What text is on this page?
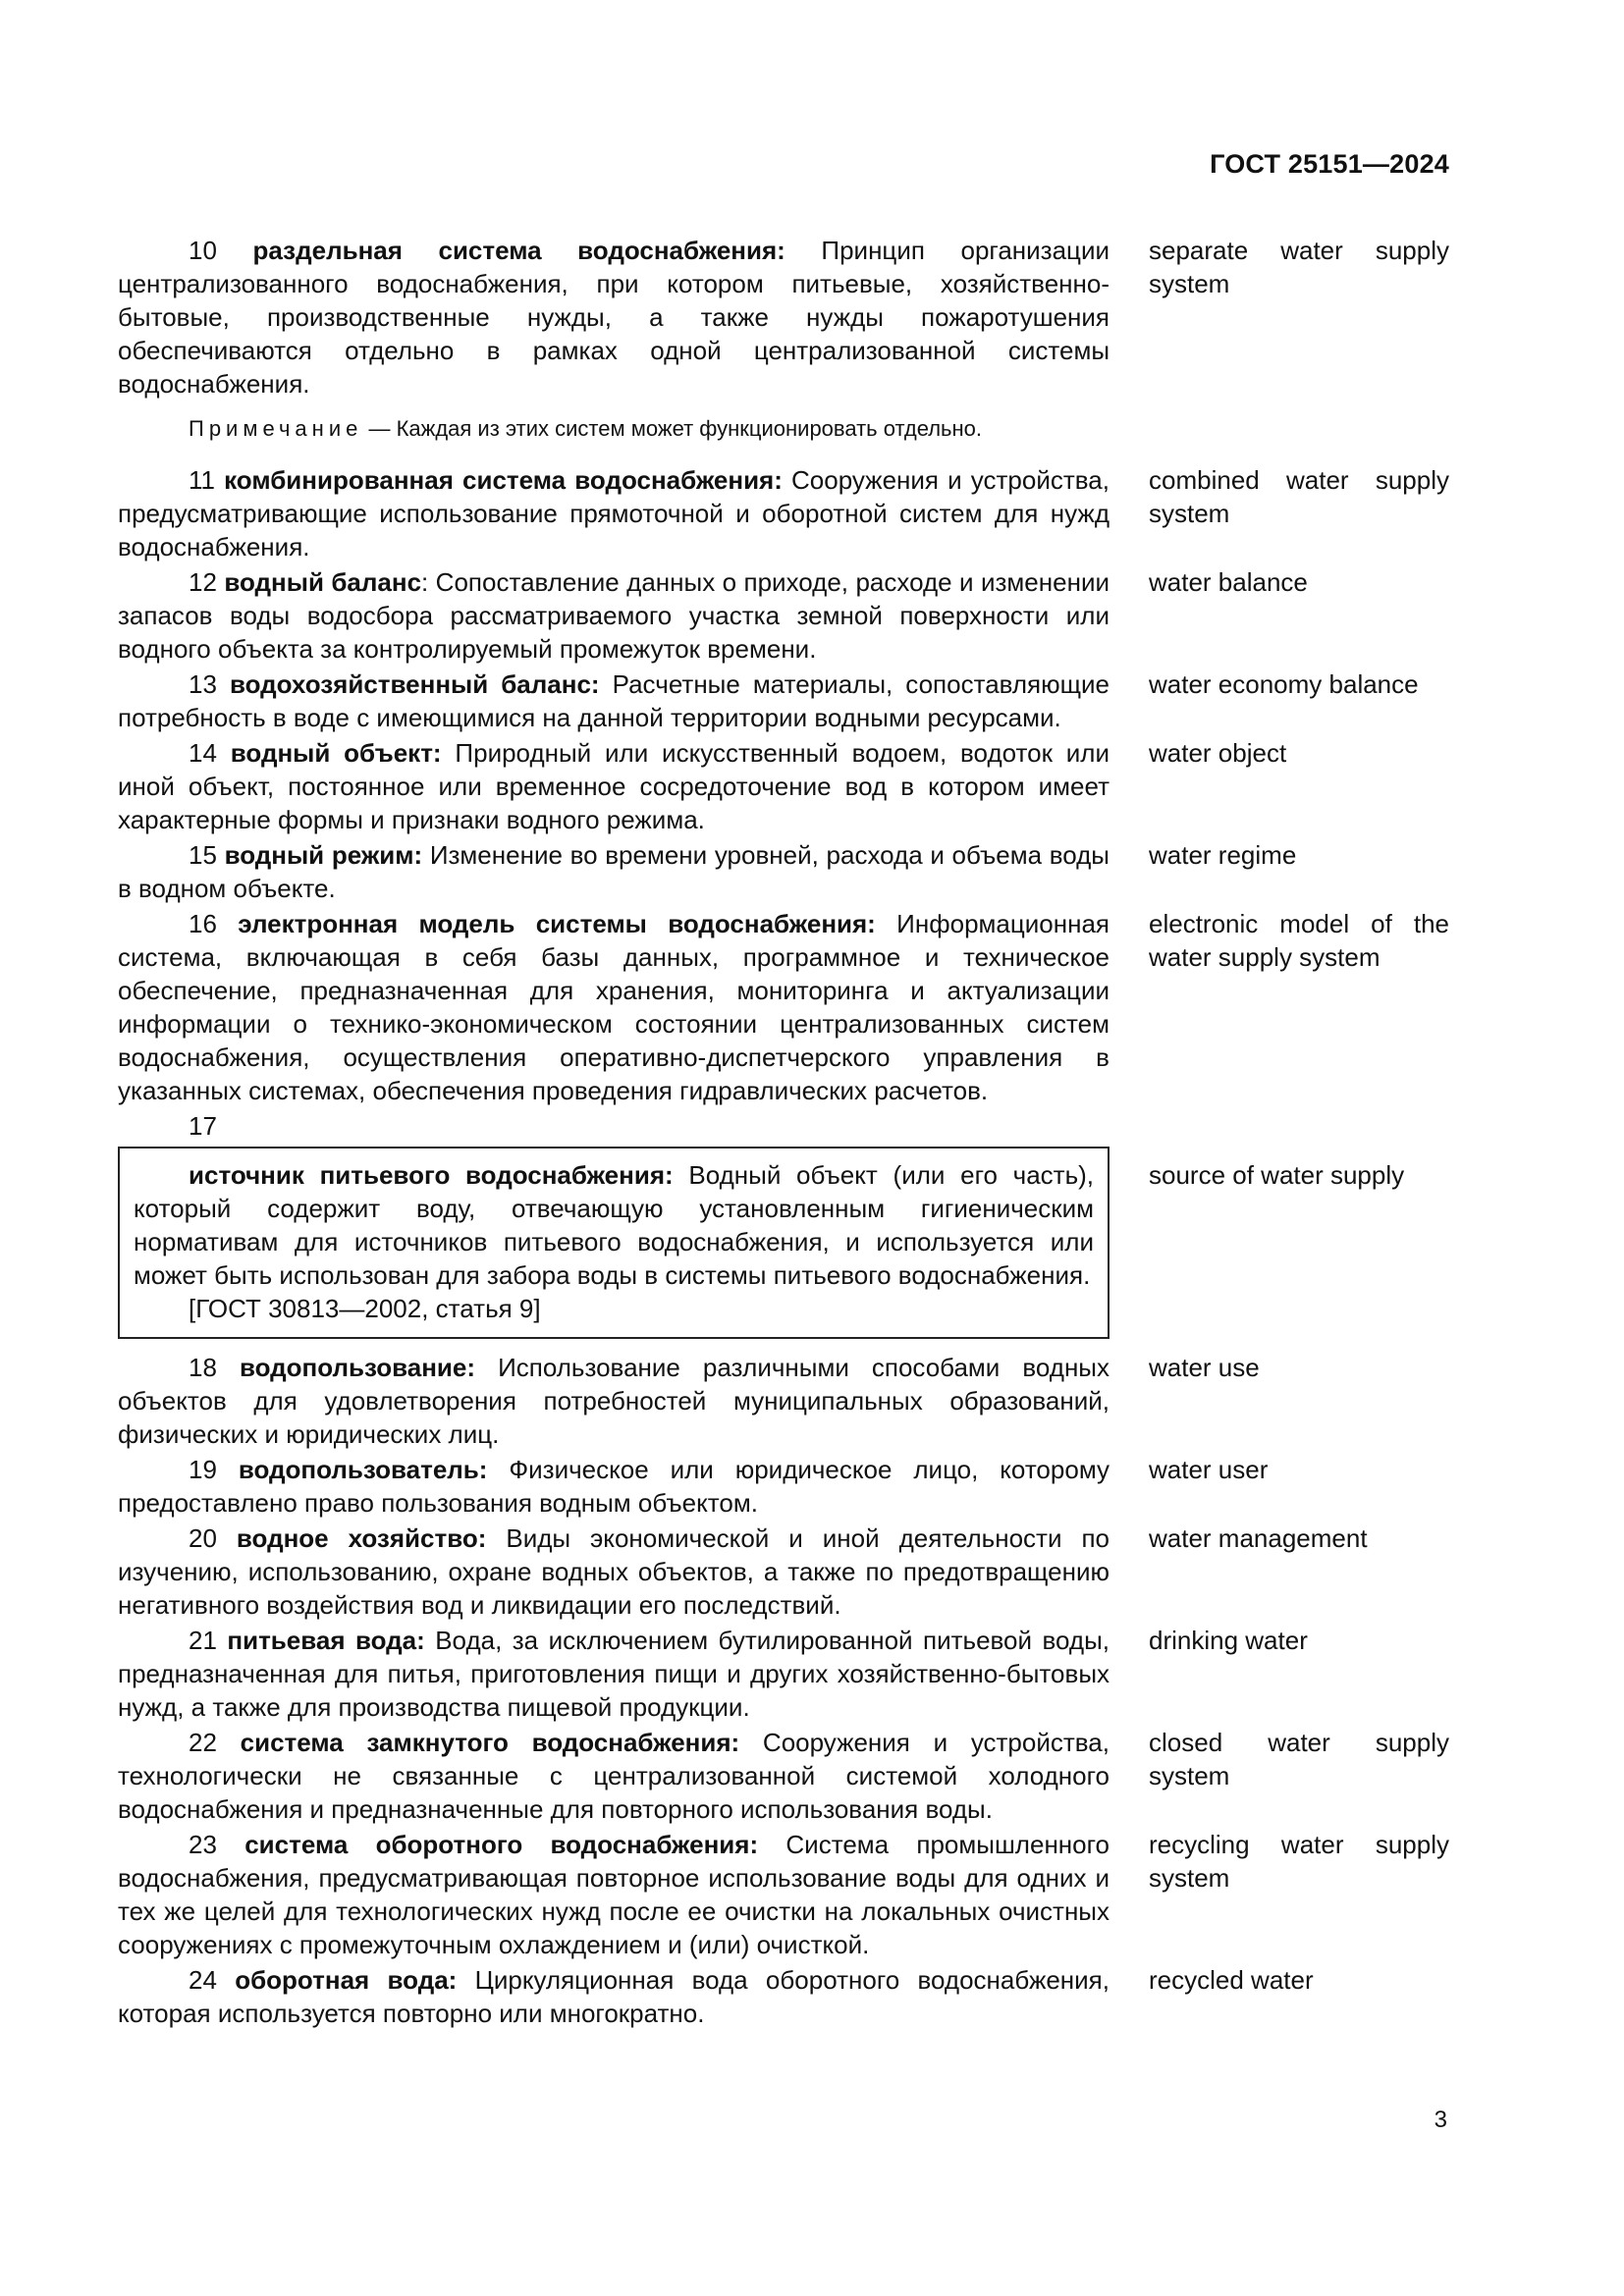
ГОСТ 25151—2024
10 раздельная система водоснабжения: Принцип организации централизованного водоснабжения, при котором питьевые, хозяйственно-бытовые, производственные нужды, а также нужды пожаротушения обеспечиваются отдельно в рамках одной централизованной системы водоснабжения.
separate water supply system
Примечание — Каждая из этих систем может функционировать отдельно.
11 комбинированная система водоснабжения: Сооружения и устройства, предусматривающие использование прямоточной и оборотной систем для нужд водоснабжения.
combined water supply system
12 водный баланс: Сопоставление данных о приходе, расходе и изменении запасов воды водосбора рассматриваемого участка земной поверхности или водного объекта за контролируемый промежуток времени.
water balance
13 водохозяйственный баланс: Расчетные материалы, сопоставляющие потребность в воде с имеющимися на данной территории водными ресурсами.
water economy balance
14 водный объект: Природный или искусственный водоем, водоток или иной объект, постоянное или временное сосредоточение вод в котором имеет характерные формы и признаки водного режима.
water object
15 водный режим: Изменение во времени уровней, расхода и объема воды в водном объекте.
water regime
16 электронная модель системы водоснабжения: Информационная система, включающая в себя базы данных, программное и техническое обеспечение, предназначенная для хранения, мониторинга и актуализации информации о технико-экономическом состоянии централизованных систем водоснабжения, осуществления оперативно-диспетчерского управления в указанных системах, обеспечения проведения гидравлических расчетов.
electronic model of the water supply system
17
источник питьевого водоснабжения: Водный объект (или его часть), который содержит воду, отвечающую установленным гигиеническим нормативам для источников питьевого водоснабжения, и используется или может быть использован для забора воды в системы питьевого водоснабжения.
[ГОСТ 30813—2002, статья 9]
source of water supply
18 водопользование: Использование различными способами водных объектов для удовлетворения потребностей муниципальных образований, физических и юридических лиц.
water use
19 водопользователь: Физическое или юридическое лицо, которому предоставлено право пользования водным объектом.
water user
20 водное хозяйство: Виды экономической и иной деятельности по изучению, использованию, охране водных объектов, а также по предотвращению негативного воздействия вод и ликвидации его последствий.
water management
21 питьевая вода: Вода, за исключением бутилированной питьевой воды, предназначенная для питья, приготовления пищи и других хозяйственно-бытовых нужд, а также для производства пищевой продукции.
drinking water
22 система замкнутого водоснабжения: Сооружения и устройства, технологически не связанные с централизованной системой холодного водоснабжения и предназначенные для повторного использования воды.
closed water supply system
23 система оборотного водоснабжения: Система промышленного водоснабжения, предусматривающая повторное использование воды для одних и тех же целей для технологических нужд после ее очистки на локальных очистных сооружениях с промежуточным охлаждением и (или) очисткой.
recycling water supply system
24 оборотная вода: Циркуляционная вода оборотного водоснабжения, которая используется повторно или многократно.
recycled water
3
